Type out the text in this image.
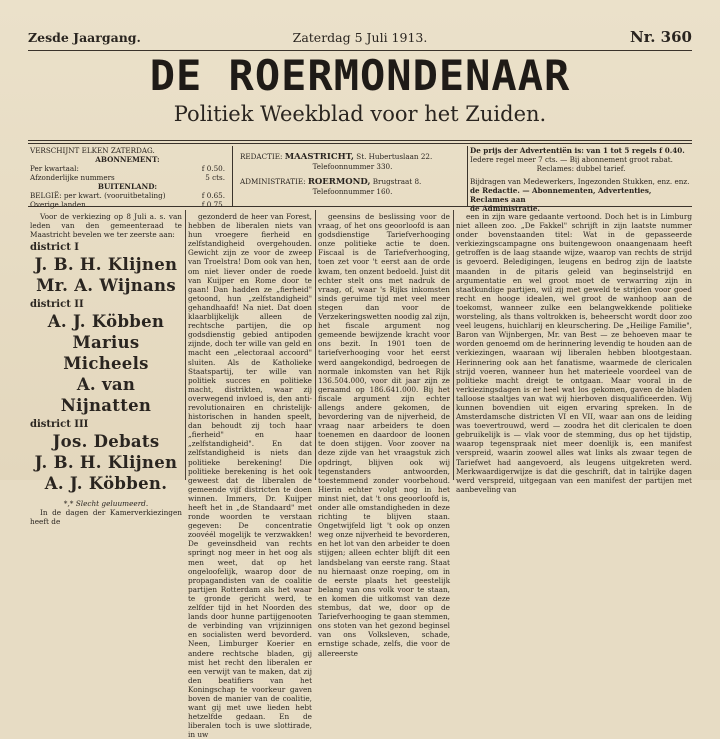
Zesde Jaargang.	Zaterdag 5 Juli 1913.	Nr. 360
DE ROERMONDENAAR
Politiek Weekblad voor het Zuiden.
VERSCHIJNT ELKEN ZATERDAG.
ABONNEMENT:
Per kwartaal:	f 0.50.
Afzonderlijke nummers	5 cts.
BUITENLAND:
BELGIË: per kwart. (vooruitbetaling)	f 0.65.
Overige landen	f 0.75.
REDACTIE: MAASTRICHT, St. Hubertuslaan 22.
Telefoonnummer 330.
ADMINISTRATIE: ROERMOND, Brugstraat 8.
Telefoonnummer 160.
De prijs der Advertentiën is: van 1 tot 5 regels f 0.40.
Iedere regel meer 7 cts. — Bij abonnement groot rabat.
Reclames: dubbel tarief.
Bijdragen van Medewerkers, Ingezonden Stukken, enz. enz.
de Redactie. — Abonnementen, Advertenties, Reclames aan
de Administratie.

Voor de verkiezing op 8 Juli a. s. van leden van den gemeenteraad te Maastricht bevelen we ter zeerste aan:

district I
J. B. H. Klijnen
Mr. A. Wijnans
district II
A. J. Köbben
Marius Micheels
A. van Nijnatten
district III
Jos. Debats
J. B. H. Klijnen
A. J. Köbben.
*,* Slecht geluumeerd.

In de dagen der Kamerverkiezingen heeft de

gezonderd de heer van Forest, hebben de liberalen niets van hun vroegere fierheid en zelfstandigheid overgehouden. Gewicht zijn ze voor de zweep van Troelstra! Dom ook van hen, om niet liever onder de roede van Kuijper en Rome door te gaan! Dan hadden ze „fierheid" getoond, hun „zelfstandigheid" gehandhaafd! Na niet. Dat doen klaarblijkelijk alleen de rechtsche partijen, die op godsdienstig gebied antipoden zijnde, doch ter wille van geld en macht een „electoraal accoord" sluiten. Als de Katholieke Staatspartij, ter wille van politiek succes en politieke macht, distrikten, waar zij overwegend invloed is, den anti-revolutionairen en christelijk-historischen in handen speelt, dan behoudt zij toch haar „fierheid" en haar „zelfstandigheid". En dat zelfstandigheid is niets dan politieke berekening! Die politieke berekening is het ook geweest dat de liberalen de gemeende vijf districten te doen winnen. Immers, Dr. Kuijper heeft het in „de Standaard" met ronde woorden te verstaan gegeven: De concentratie zoovéél mogelijk te verzwakken! De geveinsdheid van rechts springt nog meer in het oog als men weet, dat op het ongeloofelijk, waarop door de propagandisten van de coalitie partijen Rotterdam als het waar te gronde gericht werd, te zelfder tijd in het Noorden des lands door hunne partijgenooten de verbinding van vrijzinnigen en socialisten werd bevorderd. Neen, Limburger Koerier en andere rechtsche bladen, gij mist het recht den liberalen er een verwijt van te maken, dat zij den beatifiers van het Koningschap te voorkeur gaven boven de manier van de coalitie, want gij met uwe lieden hebt hetzelfde gedaan. En de liberalen toch is uwe slottirade, in uw

geensins de beslissing voor de vraag, of het ons geoorloofd is aan godsdienstige Tariefverhooging onze politieke actie te doen. Fiscaal is de Tariefverhooging, toen zet voor 't eerst aan de orde kwam, ten onzent bedoeld. Juist dit echter stelt ons met nadruk de vraag, of, waar 's Rijks inkomsten sinds geruime tijd met veel meer stegen dan voor de Verzekeringswetten noodig zal zijn, het fiscale argument nog gemeende bewijzende kracht voor ons bezit. In 1901 toen de tariefverhooging voor het eerst werd aangekondigd, bedroegen de normale inkomsten van het Rijk 136.504.000, voor dit jaar zijn ze geraamd op 186.641.000. Bij het fiscale argument zijn echter allengs andere gekomen, de bevordering van de nijverheid, de vraag naar arbeiders te doen toenemen en daardoor de loonen te doen stijgen. Voor zoover na deze zijde van het vraagstuk zich opdringt, blijven ook wij tegenstanders antwoorden, toestemmend zonder voorbehoud. Hierin echter volgt nog in het minst niet, dat 't ons geoorloofd is, onder alle omstandigheden in deze richting te blijven staan. Ongetwijfeld ligt 't ook op onzen weg onze nijverheid te bevorderen, en het lot van den arbeider te doen stijgen; alleen echter blijft dit een landsbelang van eerste rang. Staat nu hiernaast onze roeping, om in de eerste plaats het geestelijk belang van ons volk voor te staan, en komen die uitkomst van deze stembus, dat we, door op de Tariefverhooging te gaan stemmen, ons stoten van het gezond beginsel van ons Volksleven, schade, ernstige schade, zelfs, die voor de allereerste

een in zijn ware gedaante vertoond. Doch het is in Limburg niet alleen zoo. „De Fakkel" schrijft in zijn laatste nummer onder bovenstaanden titel: Wat in de gepasseerde verkiezingscampagne ons buitengewoon onaangenaam heeft getroffen is de laag staande wijze, waarop van rechts de strijd is gevoerd. Beledigingen, leugens en bedrog zijn de laatste maanden in de pitaris geleid van beginselstrijd en argumentatie en wel groot moet de verwarring zijn in staatkundige partijen, wil zij met geweld te strijden voor goed recht en hooge idealen, wel groot de wanhoop aan de toekomst, wanneer zulke een belangwekkende politieke worsteling, als thans voltrokken is, beheerscht wordt door zoo veel leugens, huichlarij en kleurschering. De „Heilige Familie", Baron van Wijnbergen, Mr. van Best — ze behoeven maar te worden genoemd om de herinnering levendig te houden aan de verkiezingen, waaraan wij liberalen hebben blootgestaan. Herinnering ook aan het fanatisme, waarmede de clericalen strijd voeren, wanneer hun het materieele voordeel van de politieke macht dreigt te ontgaan. Maar vooral in de verkiezingsdagen is er heel wat los gekomen, gaven de bladen talloose staaltjes van wat wij hierboven disqualificeerden. Wij kunnen bovendien uit eigen ervaring spreken. In de Amsterdamsche districten VI en VII, waar aan ons de leiding was toevertrouwd, werd — zoodra het dit clericalen te doen gebruikelijk is — vlak voor de stemming, dus op het tijdstip, waarop tegenspraak niet meer doenlijk is, een manifest verspreid, waarin zoowel alles wat links als zwaar tegen de Tariefwet had aangevoerd, als leugens uitgekreten werd. Merkwaardigerwijze is dat die geschrift, dat in talrijke dagen werd verspreid, uitgegaan van een manifest der partijen met aanbeveling van
